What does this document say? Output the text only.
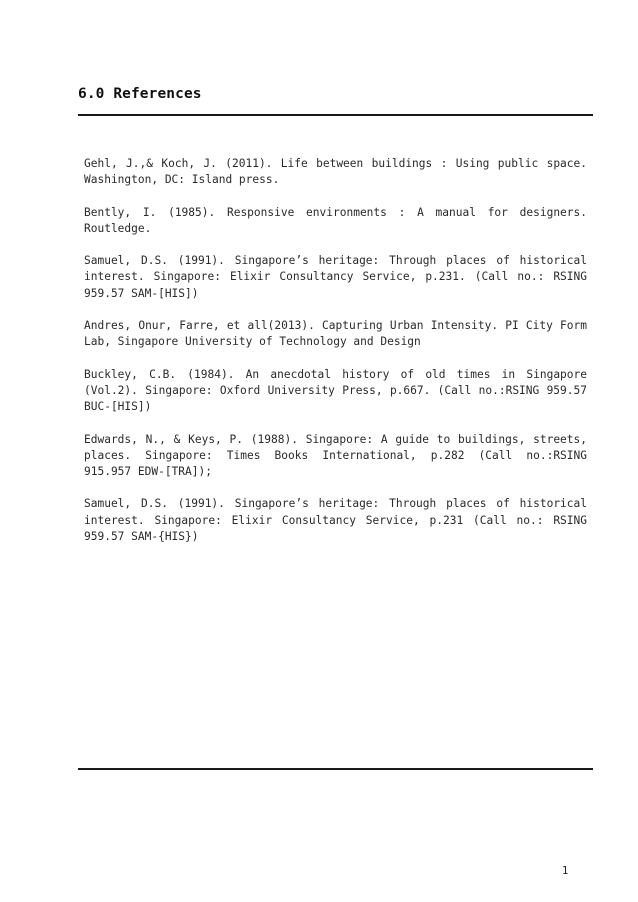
6.0 References
Gehl, J.,& Koch, J. (2011). Life between buildings : Using public space. Washington, DC: Island press.
Bently, I. (1985). Responsive environments : A manual for designers. Routledge.
Samuel, D.S. (1991). Singapore’s heritage: Through places of historical interest. Singapore: Elixir Consultancy Service, p.231. (Call no.: RSING 959.57 SAM-[HIS])
Andres, Onur, Farre, et all(2013). Capturing Urban Intensity. PI City Form Lab, Singapore University of Technology and Design
Buckley, C.B. (1984). An anecdotal history of old times in Singapore (Vol.2). Singapore: Oxford University Press, p.667. (Call no.:RSING 959.57 BUC-[HIS])
Edwards, N., & Keys, P. (1988). Singapore: A guide to buildings, streets, places. Singapore: Times Books International, p.282 (Call no.:RSING 915.957 EDW-[TRA]);
Samuel, D.S. (1991). Singapore’s heritage: Through places of historical interest. Singapore: Elixir Consultancy Service, p.231 (Call no.: RSING 959.57 SAM-{HIS})
1
